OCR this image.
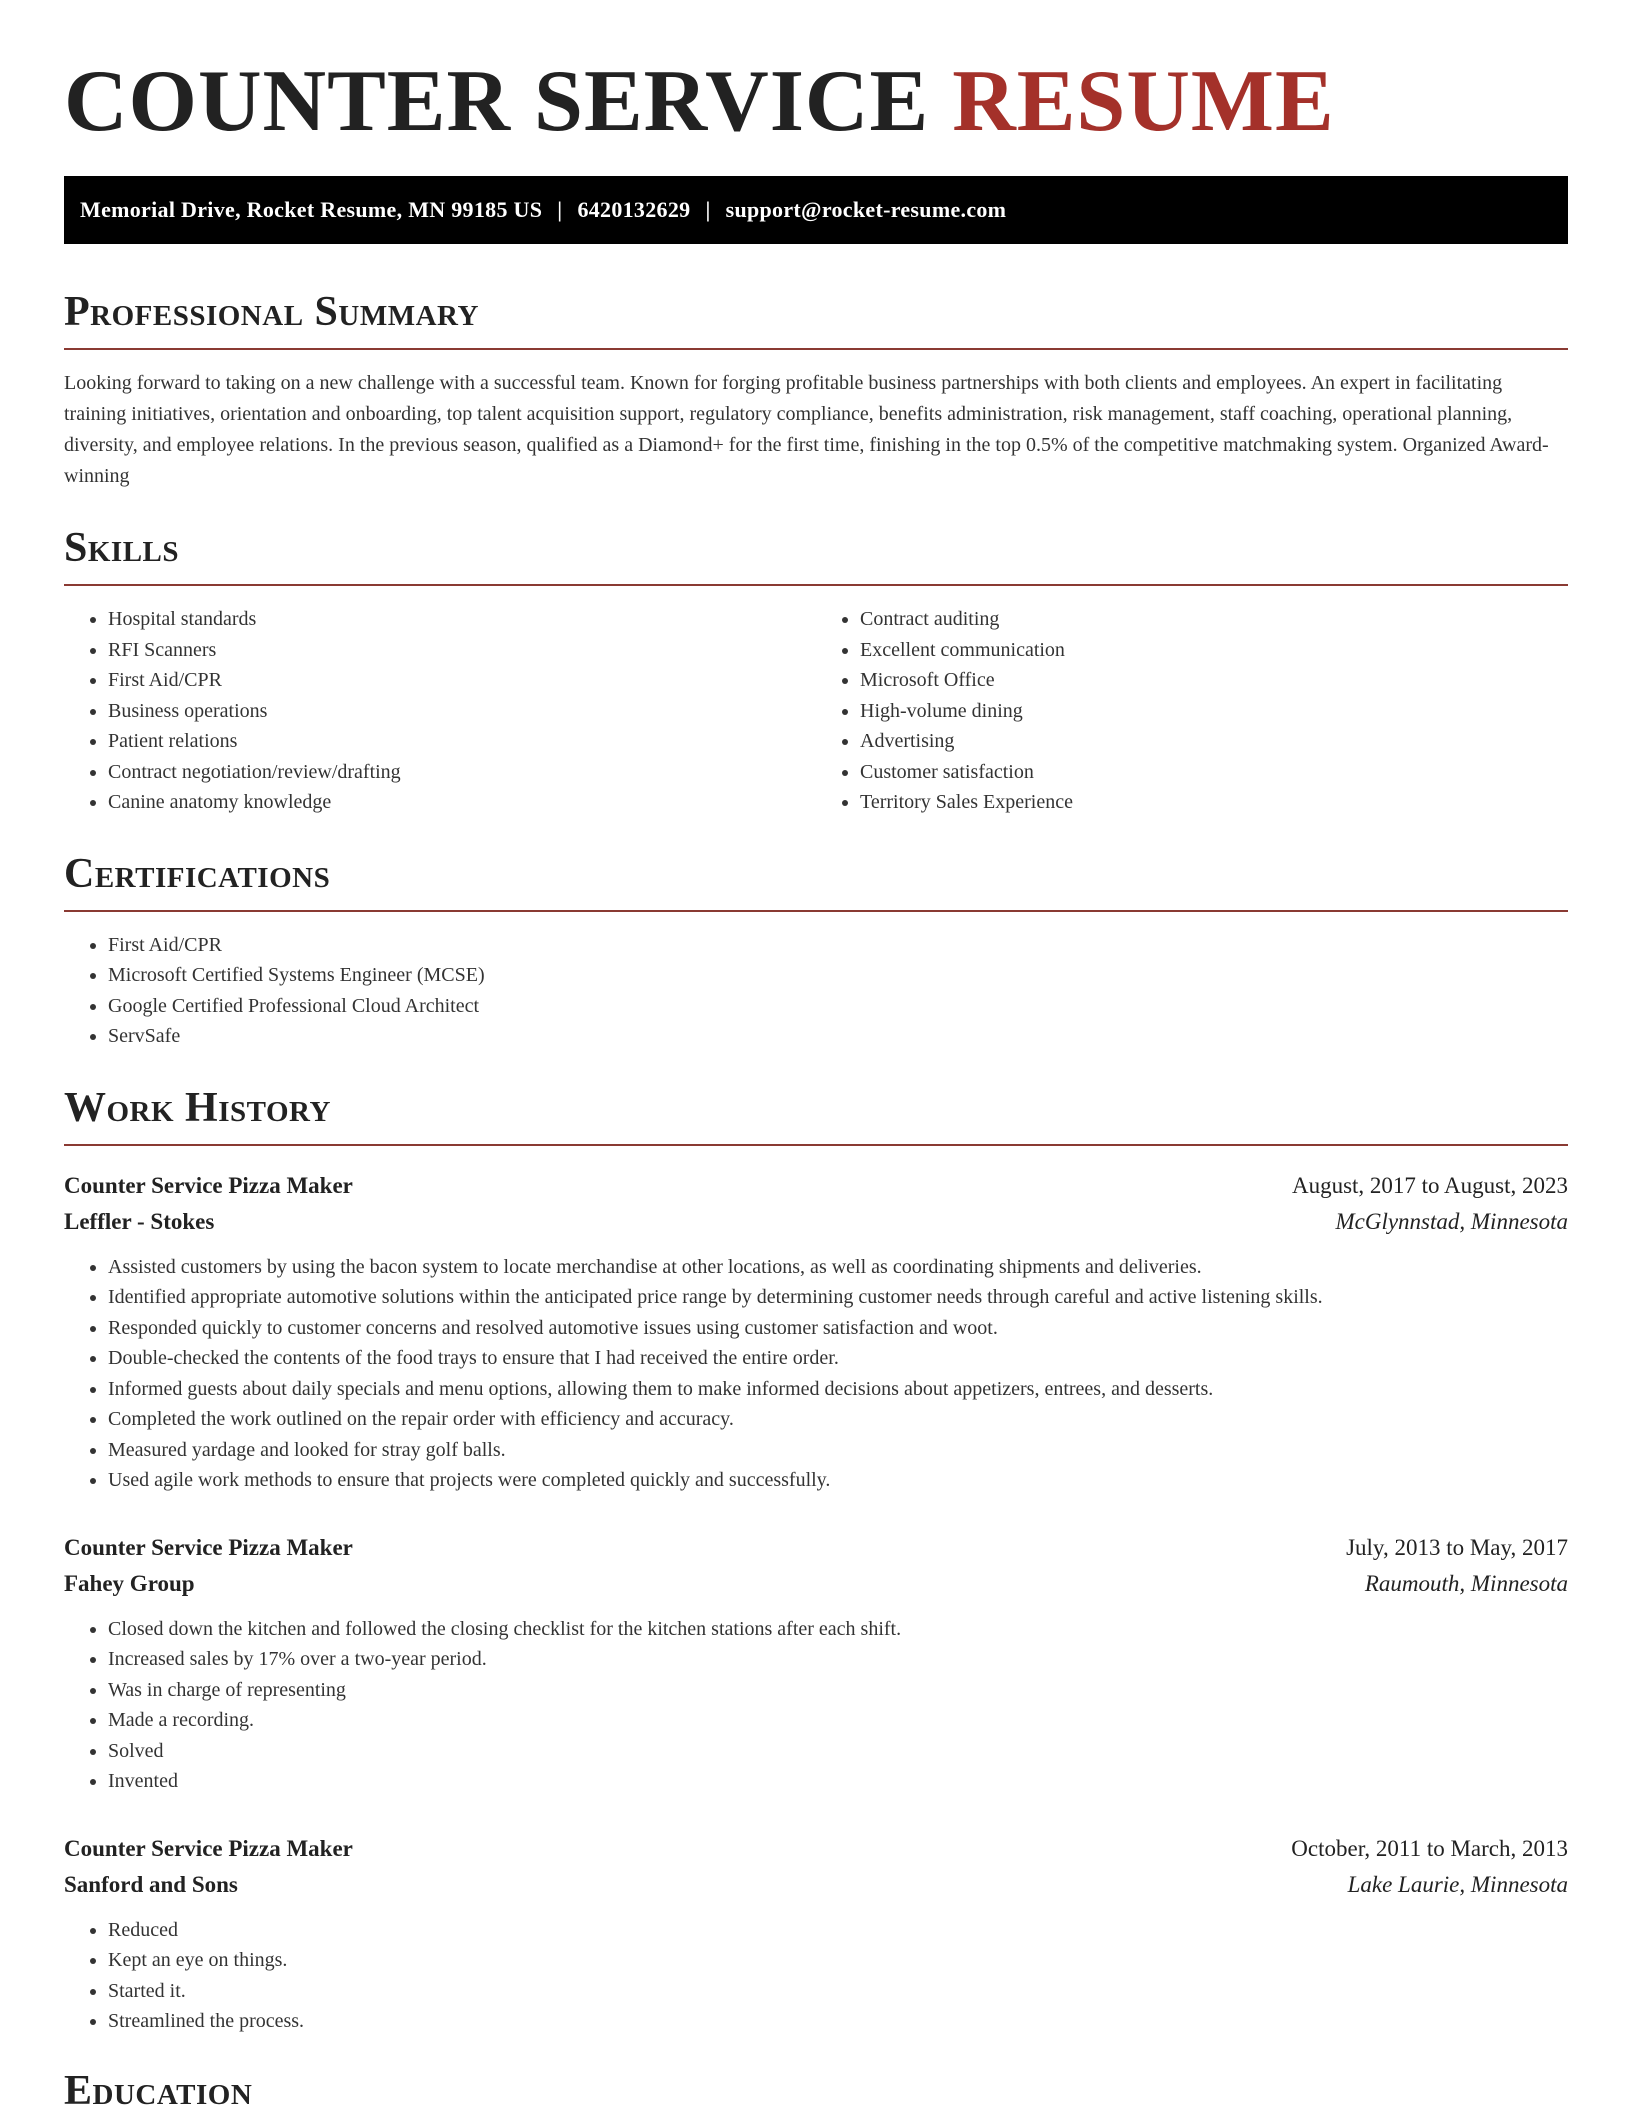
COUNTER SERVICE RESUME
Memorial Drive, Rocket Resume, MN 99185 US | 6420132629 | support@rocket-resume.com
Professional Summary

Looking forward to taking on a new challenge with a successful team. Known for forging profitable business partnerships with both clients and employees. An expert in facilitating training initiatives, orientation and onboarding, top talent acquisition support, regulatory compliance, benefits administration, risk management, staff coaching, operational planning, diversity, and employee relations. In the previous season, qualified as a Diamond+ for the first time, finishing in the top 0.5% of the competitive matchmaking system. Organized Award-winning

Skills
• Hospital standards
• RFI Scanners
• First Aid/CPR
• Business operations
• Patient relations
• Contract negotiation/review/drafting
• Canine anatomy knowledge
• Contract auditing
• Excellent communication
• Microsoft Office
• High-volume dining
• Advertising
• Customer satisfaction
• Territory Sales Experience
Certifications
• First Aid/CPR
• Microsoft Certified Systems Engineer (MCSE)
• Google Certified Professional Cloud Architect
• ServSafe
Work History
Counter Service Pizza Maker	August, 2017 to August, 2023
Leffler - Stokes	McGlynnstad, Minnesota
• Assisted customers by using the bacon system to locate merchandise at other locations, as well as coordinating shipments and deliveries.
• Identified appropriate automotive solutions within the anticipated price range by determining customer needs through careful and active listening skills.
• Responded quickly to customer concerns and resolved automotive issues using customer satisfaction and woot.
• Double-checked the contents of the food trays to ensure that I had received the entire order.
• Informed guests about daily specials and menu options, allowing them to make informed decisions about appetizers, entrees, and desserts.
• Completed the work outlined on the repair order with efficiency and accuracy.
• Measured yardage and looked for stray golf balls.
• Used agile work methods to ensure that projects were completed quickly and successfully.
Counter Service Pizza Maker	July, 2013 to May, 2017
Fahey Group	Raumouth, Minnesota
• Closed down the kitchen and followed the closing checklist for the kitchen stations after each shift.
• Increased sales by 17% over a two-year period.
• Was in charge of representing
• Made a recording.
• Solved
• Invented
Counter Service Pizza Maker	October, 2011 to March, 2013
Sanford and Sons	Lake Laurie, Minnesota
• Reduced
• Kept an eye on things.
• Started it.
• Streamlined the process.
Education
